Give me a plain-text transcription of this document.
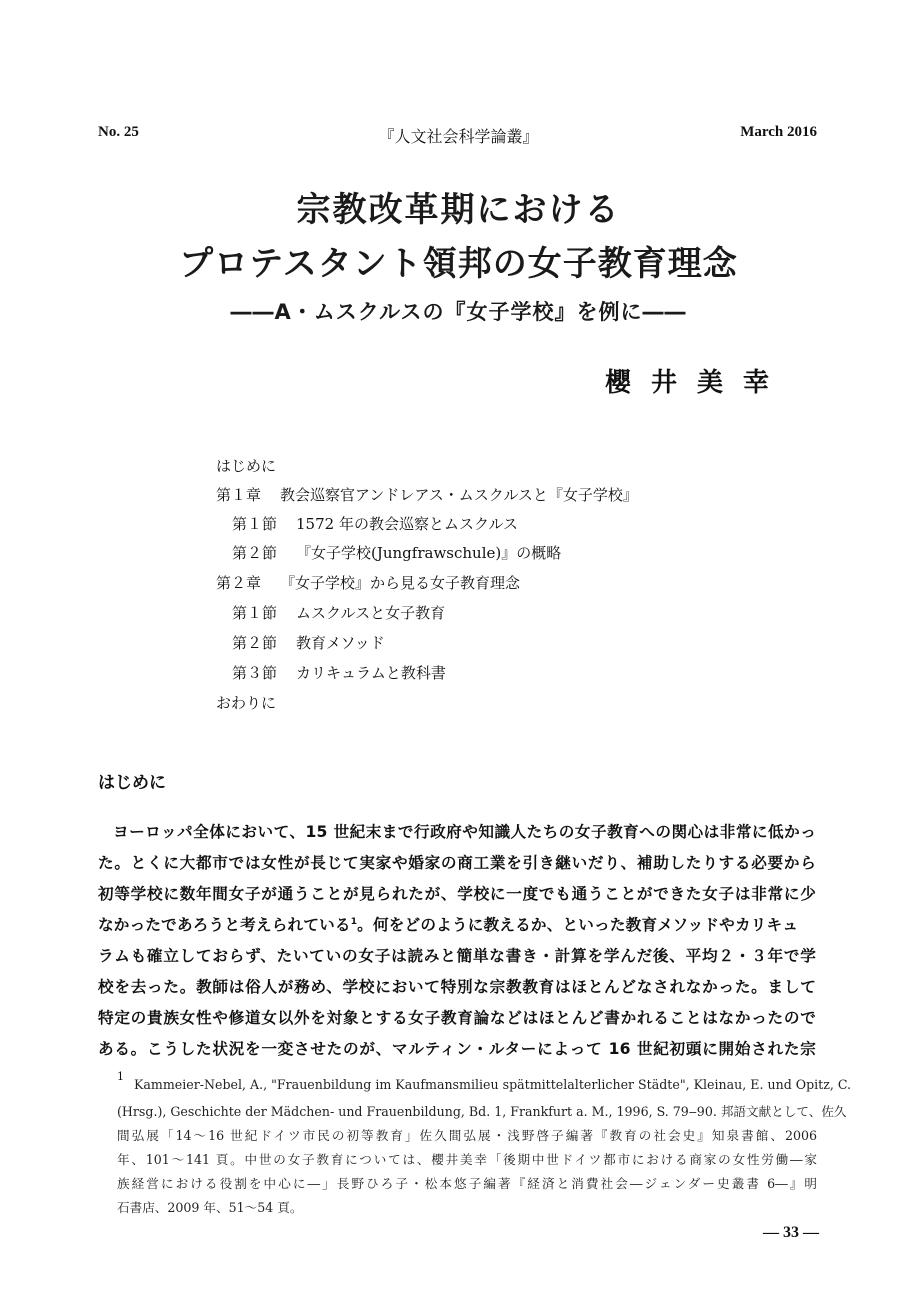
No. 25	『人文社会科学論叢』	March 2016
宗教改革期における
プロテスタント領邦の女子教育理念
――A・ムスクルスの『女子学校』を例に――
櫻井美幸
はじめに
第１章 教会巡察官アンドレアス・ムスクルスと『女子学校』
第１節 1572 年の教会巡察とムスクルス
第２節 『女子学校(Jungfrawschule)』の概略
第２章 『女子学校』から見る女子教育理念
第１節 ムスクルスと女子教育
第２節 教育メソッド
第３節 カリキュラムと教科書
おわりに
はじめに
ヨーロッパ全体において、15 世紀末まで行政府や知識人たちの女子教育への関心は非常に低かっ
た。とくに大都市では女性が長じて実家や婚家の商工業を引き継いだり、補助したりする必要から
初等学校に数年間女子が通うことが見られたが、学校に一度でも通うことができた女子は非常に少
なかったであろうと考えられている$^1$。何をどのように教えるか、といった教育メソッドやカリキュ
ラムも確立しておらず、たいていの女子は読みと簡単な書き・計算を学んだ後、平均２・３年で学
校を去った。教師は俗人が務め、学校において特別な宗教教育はほとんどなされなかった。まして
特定の貴族女性や修道女以外を対象とする女子教育論などはほとんど書かれることはなかったので
ある。こうした状況を一変させたのが、マルティン・ルターによって 16 世紀初頭に開始された宗
1
Kammeier-Nebel, A., "Frauenbildung im Kaufmansmilieu spätmittelalterlicher Städte", Kleinau, E. und Opitz, C.
(Hrsg.), Geschichte der Mädchen- und Frauenbildung, Bd. 1, Frankfurt a. M., 1996, S. 79‒90. 邦語文献として、佐久
間弘展「14～16 世紀ドイツ市民の初等教育」佐久間弘展・浅野啓子編著『教育の社会史』知泉書館、2006
年、101～141 頁。中世の女子教育については、櫻井美幸「後期中世ドイツ都市における商家の女性労働―家
族経営における役割を中心に―」長野ひろ子・松本悠子編著『経済と消費社会―ジェンダー史叢書 6―』明
石書店、2009 年、51～54 頁。
― 33 ―
